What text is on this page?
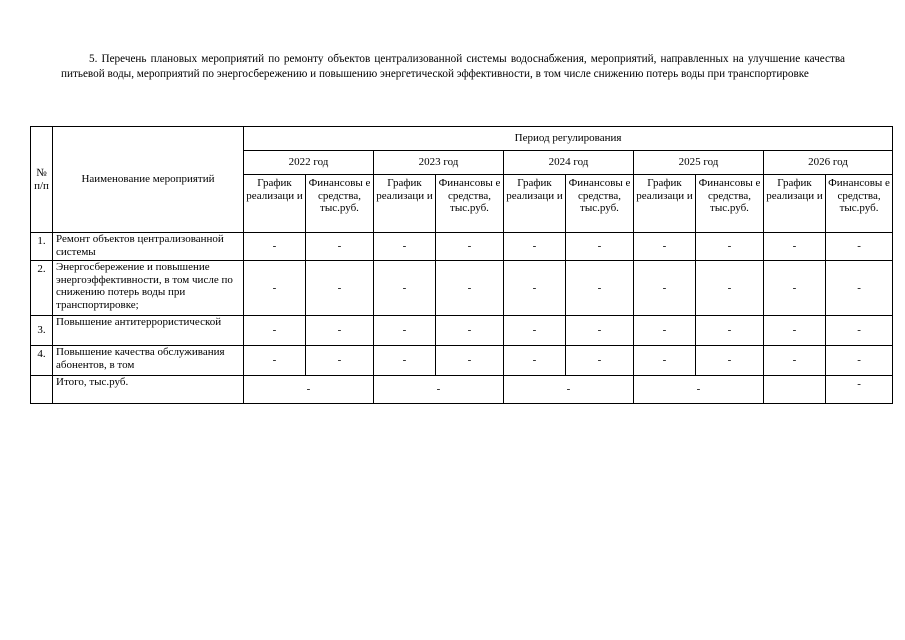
5. Перечень плановых мероприятий по ремонту объектов централизованной системы водоснабжения, мероприятий, направленных на улучшение качества питьевой воды, мероприятий по энергосбережению и повышению энергетической эффективности, в том числе снижению потерь воды при транспортировке
№ п/п	Наименование мероприятий	Период регулирования									
		2022 год		2023 год		2024 год		2025 год		2026 год	
		График реализаци и	Финансовы е средства, тыс.руб.	График реализаци и	Финансовы е средства, тыс.руб.	График реализаци и	Финансовы е средства, тыс.руб.	График реализаци и	Финансовы е средства, тыс.руб.	График реализаци и	Финансовы е средства, тыс.руб.
1.	Ремонт объектов централизованной системы	-	-	-	-	-	-	-	-	-	-
2.	Энергосбережение и повышение энергоэффективности, в том числе по снижению потерь воды при транспортировке;	-	-	-	-	-	-	-	-	-	-
3.	Повышение антитеррористической	-	-	-	-	-	-	-	-	-	-
4.	Повышение качества обслуживания абонентов, в том	-	-	-	-	-	-	-	-	-	-
	Итого, тыс.руб.	-		-		-		-			-
